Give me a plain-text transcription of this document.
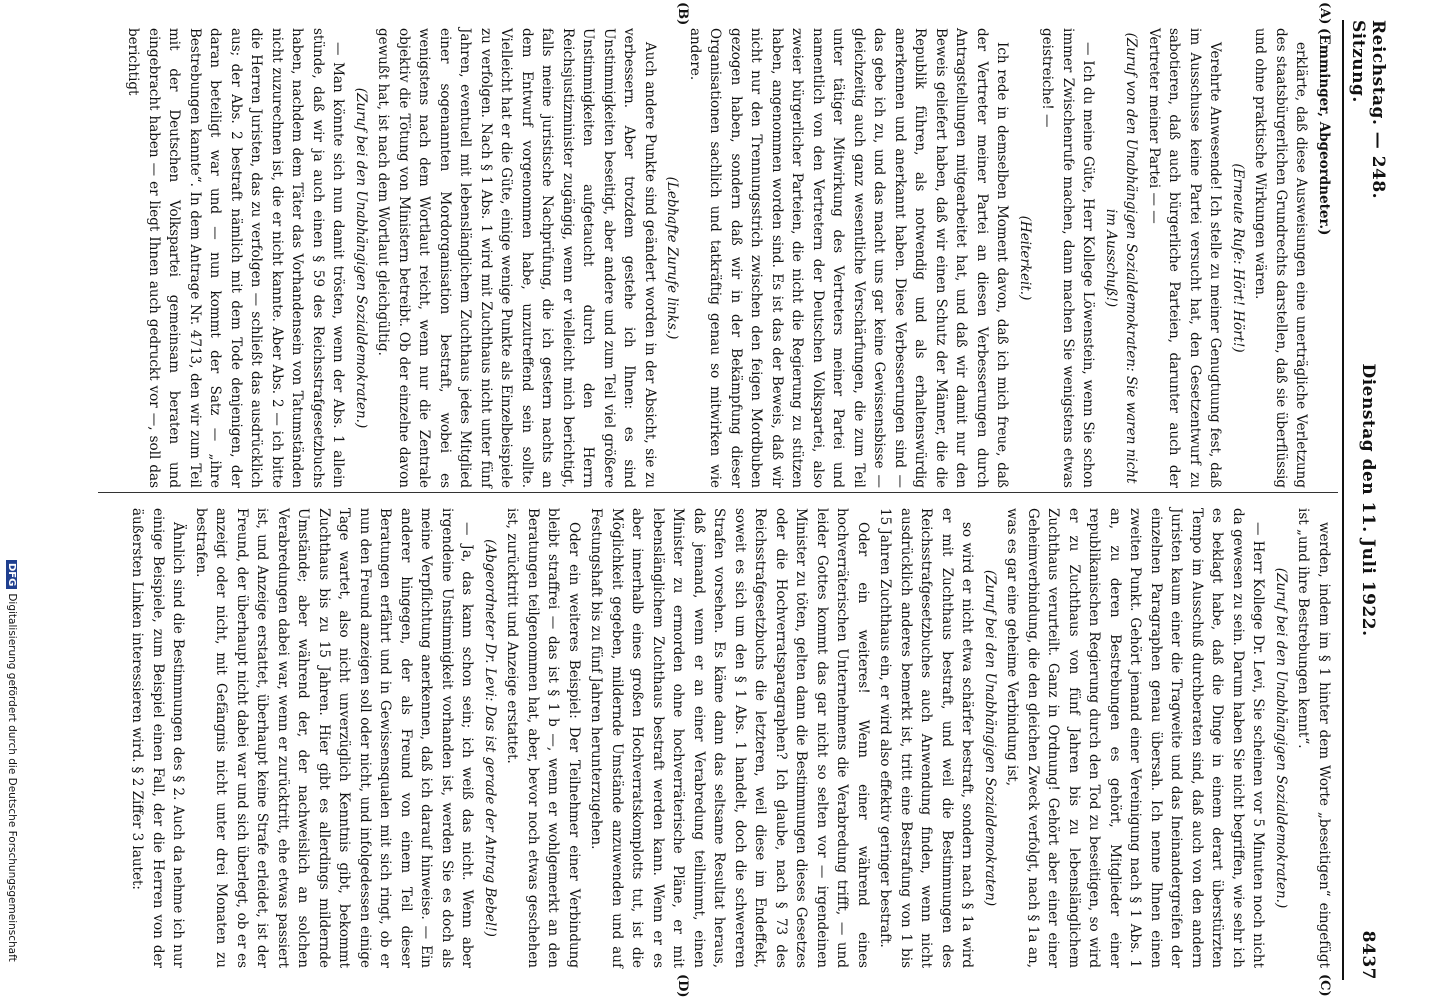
Reichstag. — 248. Sitzung.
Dienstag den 11. Juli 1922.
8437
(A)
(B)
(C)
(D)

(Emminger, Abgeordneter.)

erklärte, daß diese Ausweisungen eine unerträgliche Verletzung des staatsbürgerlichen Grundrechts darstellen, daß sie überflüssig und ohne praktische Wirkungen wären.

(Erneute Rufe: Hört! Hört!)

Verehrte Anwesende! Ich stelle zu meiner Genugtuung fest, daß im Ausschusse keine Partei versucht hat, den Gesetzentwurf zu sabotieren, daß auch bürgerliche Parteien, darunter auch der Vertreter meiner Partei — —

(Zuruf von den Unabhängigen Sozialdemokraten: Sie waren nicht im Ausschuß!)

— Ich du meine Güte, Herr Kollege Löwenstein, wenn Sie schon immer Zwischenrufe machen, dann machen Sie wenigstens etwas geistreiche! —

(Heiterkeit.)

Ich rede in demselben Moment davon, daß ich mich freue, daß der Vertreter meiner Partei an diesen Verbesserungen durch Antragstellungen mitgearbeitet hat, und daß wir damit nur den Beweis geliefert haben, daß wir einen Schutz der Männer, die die Republik führen, als notwendig und als erhaltenswürdig anerkennen und anerkannt haben. Diese Verbesserungen sind — das gebe ich zu, und das macht uns gar keine Gewissensbisse — gleichzeitig auch ganz wesentliche Verschärfungen, die zum Teil unter tätiger Mitwirkung des Vertreters meiner Partei und namentlich von den Vertretern der Deutschen Volkspartei, also zweier bürgerlicher Parteien, die nicht die Regierung zu stützen haben, angenommen worden sind. Es ist das der Beweis, daß wir nicht nur den Trennungsstrich zwischen den feigen Mordbuben gezogen haben, sondern daß wir in der Bekämpfung dieser Organisationen sachlich und tatkräftig genau so mitwirken wie andere.

(Lebhafte Zurufe links.)

Auch andere Punkte sind geändert worden in der Absicht, sie zu verbessern. Aber trotzdem gestehe ich Ihnen: es sind Unstimmigkeiten beseitigt, aber andere und zum Teil viel größere Unstimmigkeiten aufgetaucht durch den Herrn Reichsjustizminister zugängig, wenn er vielleicht mich berichtigt, falls meine juristische Nachprüfung, die ich gestern nachts an dem Entwurf vorgenommen habe, unzutreffend sein sollte. Vielleicht hat er die Güte, einige wenige Punkte als Einzelbeispiele zu verfolgen. Nach § 1 Abs. 1 wird mit Zuchthaus nicht unter fünf Jahren, eventuell mit lebenslänglichem Zuchthaus jedes Mitglied einer sogenannten Mordorganisation bestraft, wobei es wenigstens nach dem Wortlaut reicht, wenn nur die Zentrale objektiv die Tötung von Ministern betreibt. Ob der einzelne davon gewußt hat, ist nach dem Wortlaut gleichgültig.

(Zuruf bei den Unabhängigen Sozialdemokraten.)

— Man könnte sich nun damit trösten, wenn der Abs. 1 allein stünde, daß wir ja auch einen § 59 des Reichsstrafgesetzbuchs haben, nachdem dem Täter das Vorhandensein von Tatumständen nicht zuzurechnen ist, die er nicht kannte. Aber Abs. 2 — ich bitte die Herren Juristen, das zu verfolgen — schließt das ausdrücklich aus; der Abs. 2 bestraft nämlich mit dem Tode denjenigen, der daran beteiligt war und — nun kommt der Satz — „ihre Bestrebungen kannte“. In dem Antrage Nr. 4713, den wir zum Teil mit der Deutschen Volkspartei gemeinsam beraten und eingebracht haben — er liegt Ihnen auch gedruckt vor —, soll das berichtigt

werden, indem im § 1 hinter dem Worte „beseitigen“ eingefügt ist „und ihre Bestrebungen kennt“.

(Zuruf bei den Unabhängigen Sozialdemokraten.)

— Herr Kollege Dr. Levi, Sie scheinen vor 5 Minuten noch nicht da gewesen zu sein. Darum haben Sie nicht begriffen, wie sehr ich es beklagt habe, daß die Dinge in einem derart überstürzten Tempo im Ausschuß durchberaten sind, daß auch von den andern Juristen kaum einer die Tragweite und das Ineinandergreifen der einzelnen Paragraphen genau übersah. Ich nenne Ihnen einen zweiten Punkt. Gehört jemand einer Vereinigung nach § 1 Abs. 1 an, zu deren Bestrebungen es gehört, Mitglieder einer republikanischen Regierung durch den Tod zu beseitigen, so wird er zu Zuchthaus von fünf Jahren bis zu lebenslänglichem Zuchthaus verurteilt. Ganz in Ordnung! Gehört aber einer einer Geheimverbindung, die den gleichen Zweck verfolgt, nach § 1a an, was es gar eine geheime Verbindung ist,

(Zuruf bei den Unabhängigen Sozialdemokraten)

so wird er nicht etwa schärfer bestraft, sondern nach § 1a wird er mit Zuchthaus bestraft, und weil die Bestimmungen des Reichsstrafgesetzbuches auch Anwendung finden, wenn nicht ausdrücklich anderes bemerkt ist, tritt eine Bestrafung von 1 bis 15 Jahren Zuchthaus ein, er wird also effektiv geringer bestraft.

Oder ein weiteres! Wenn einer während eines hochverräterischen Unternehmens die Verabredung trifft, — und leider Gottes kommt das gar nicht so selten vor — irgendeinen Minister zu töten, gelten dann die Bestimmungen dieses Gesetzes oder die Hochverratsparagraphen? Ich glaube, nach § 73 des Reichsstrafgesetzbuchs die letzteren, weil diese im Endeffekt, soweit es sich um den § 1 Abs. 1 handelt, doch die schwereren Strafen vorsehen. Es käme dann das seltsame Resultat heraus, daß jemand, wenn er an einer Verabredung teilnimmt, einen Minister zu ermorden ohne hochverräterische Pläne, er mit lebenslänglichem Zuchthaus bestraft werden kann. Wenn er es aber innerhalb eines großen Hochverratskomplotts tut, ist die Möglichkeit gegeben, mildernde Umstände anzuwenden und auf Festungshaft bis zu fünf Jahren herunterzugehen.

Oder ein weiteres Beispiel: Der Teilnehmer einer Verbindung bleibt straffrei — das ist § 1 b —, wenn er wohlgemerkt an den Beratungen teilgenommen hat, aber, bevor noch etwas geschehen ist, zurücktritt und Anzeige erstattet.

(Abgeordneter Dr. Levi: Das ist gerade der Antrag Bebel!)

— Ja, das kann schon sein; ich weiß das nicht. Wenn aber irgendeine Unstimmigkeit vorhanden ist, werden Sie es doch als meine Verpflichtung anerkennen, daß ich darauf hinweise. — Ein anderer hingegen, der als Freund von einem Teil dieser Beratungen erfährt und in Gewissensqualen mit sich ringt, ob er nun den Freund anzeigen soll oder nicht, und infolgedessen einige Tage wartet, also nicht unverzüglich Kenntnis gibt, bekommt Zuchthaus bis zu 15 Jahren. Hier gibt es allerdings mildernde Umstände; aber während der, der nachweislich an solchen Verabredungen dabei war, wenn er zurücktritt, ehe etwas passiert ist, und Anzeige erstattet, überhaupt keine Strafe erleidet, ist der Freund, der überhaupt nicht dabei war und sich überlegt, ob er es anzeigt oder nicht, mit Gefängnis nicht unter drei Monaten zu bestrafen.

Ähnlich sind die Bestimmungen des § 2. Auch da nehme ich nur einige Beispiele, zum Beispiel einen Fall, der die Herren von der äußersten Linken interessieren wird. § 2 Ziffer 3 lautet:

DFGDigitalisierung gefördert durch die Deutsche Forschungsgemeinschaft
